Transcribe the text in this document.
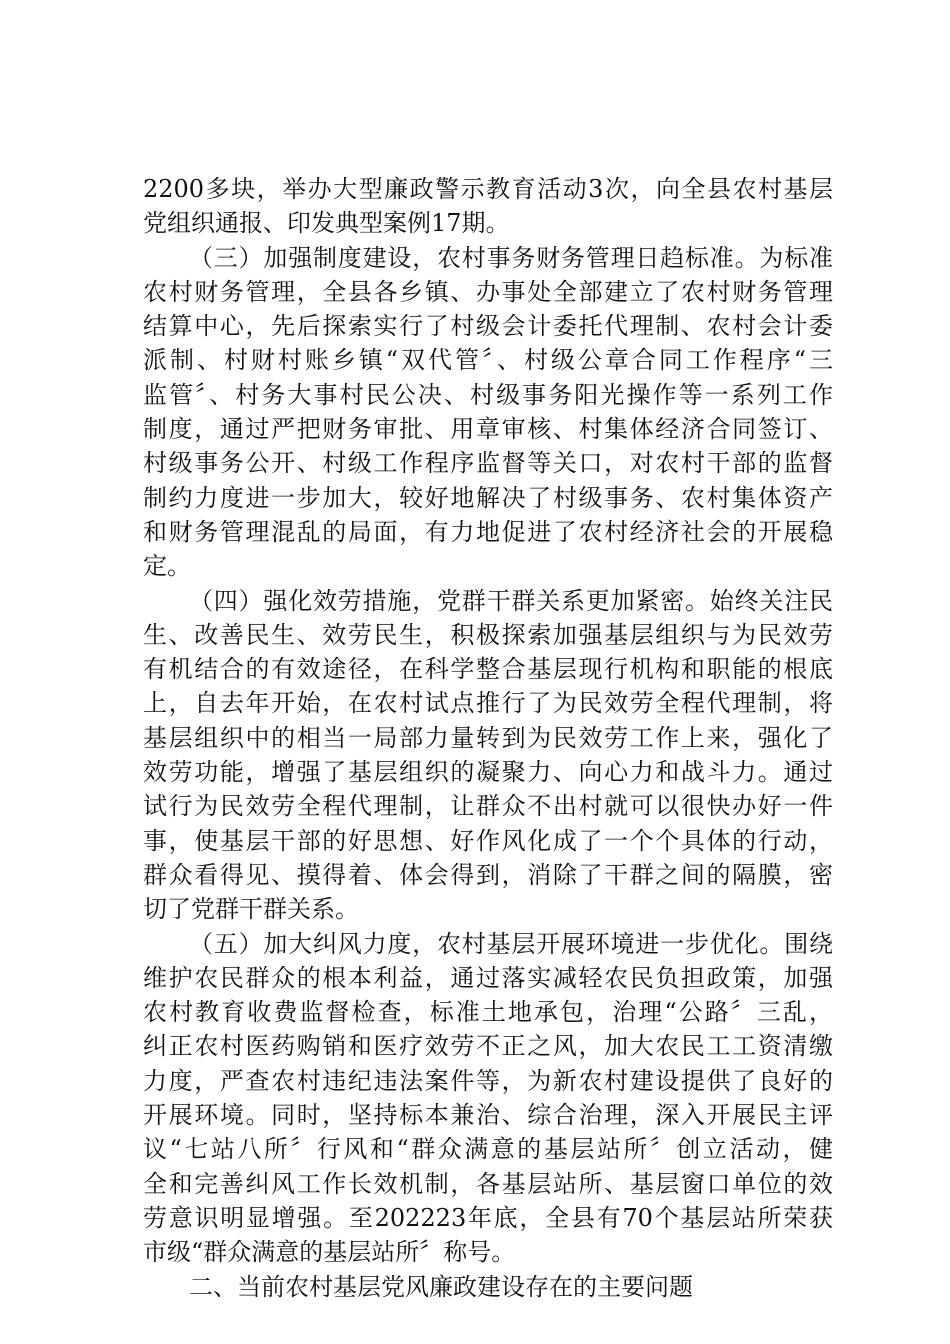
2200多块，举办大型廉政警示教育活动3次，向全县农村基层
党组织通报、印发典型案例17期。
（三）加强制度建设，农村事务财务管理日趋标准。为标准
农村财务管理，全县各乡镇、办事处全部建立了农村财务管理
结算中心，先后探索实行了村级会计委托代理制、农村会计委
派制、村财村账乡镇“双代管〞、村级公章合同工作程序“三
监管〞、村务大事村民公决、村级事务阳光操作等一系列工作
制度，通过严把财务审批、用章审核、村集体经济合同签订、
村级事务公开、村级工作程序监督等关口，对农村干部的监督
制约力度进一步加大，较好地解决了村级事务、农村集体资产
和财务管理混乱的局面，有力地促进了农村经济社会的开展稳
定。
（四）强化效劳措施，党群干群关系更加紧密。始终关注民
生、改善民生、效劳民生，积极探索加强基层组织与为民效劳
有机结合的有效途径，在科学整合基层现行机构和职能的根底
上，自去年开始，在农村试点推行了为民效劳全程代理制，将
基层组织中的相当一局部力量转到为民效劳工作上来，强化了
效劳功能，增强了基层组织的凝聚力、向心力和战斗力。通过
试行为民效劳全程代理制，让群众不出村就可以很快办好一件
事，使基层干部的好思想、好作风化成了一个个具体的行动，
群众看得见、摸得着、体会得到，消除了干群之间的隔膜，密
切了党群干群关系。
（五）加大纠风力度，农村基层开展环境进一步优化。围绕
维护农民群众的根本利益，通过落实减轻农民负担政策，加强
农村教育收费监督检查，标准土地承包，治理“公路〞三乱，
纠正农村医药购销和医疗效劳不正之风，加大农民工工资清缴
力度，严查农村违纪违法案件等，为新农村建设提供了良好的
开展环境。同时，坚持标本兼治、综合治理，深入开展民主评
议“七站八所〞行风和“群众满意的基层站所〞创立活动，健
全和完善纠风工作长效机制，各基层站所、基层窗口单位的效
劳意识明显增强。至202223年底，全县有70个基层站所荣获
市级“群众满意的基层站所〞称号。
二、当前农村基层党风廉政建设存在的主要问题
